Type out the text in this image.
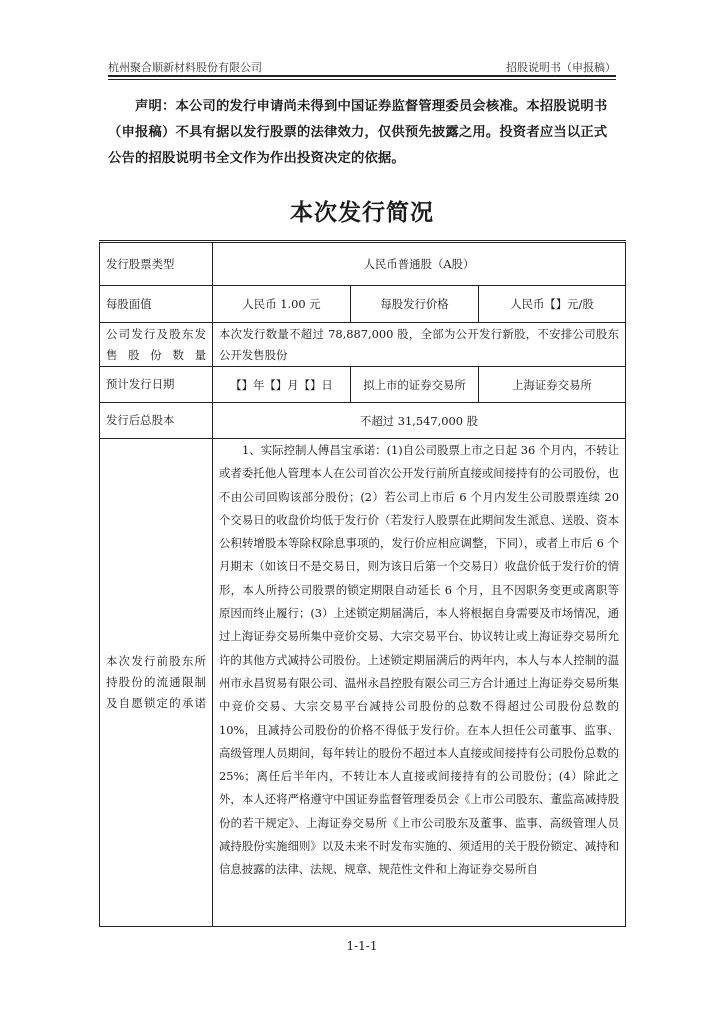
杭州聚合顺新材料股份有限公司	招股说明书（申报稿）
声明：本公司的发行申请尚未得到中国证券监督管理委员会核准。本招股说明书（申报稿）不具有据以发行股票的法律效力，仅供预先披露之用。投资者应当以正式公告的招股说明书全文作为作出投资决定的依据。
本次发行简况
发行股票类型	人民币普通股（A股）		
每股面值	人民币 1.00 元	每股发行价格	人民币【】元/股

公司发行及股东发售股份数量	本次发行数量不超过 78,887,000 股，全部为公开发行新股，不安排公司股东公开发售股份		
预计发行日期	【】年【】月【】日	拟上市的证券交易所	上海证券交易所
发行后总股本	不超过 31,547,000 股		

本次发行前股东所持股份的流通限制及自愿锁定的承诺	1、实际控制人傅昌宝承诺：(1)自公司股票上市之日起 36 个月内，不转让或者委托他人管理本人在公司首次公开发行前所直接或间接持有的公司股份，也不由公司回购该部分股份；(2）若公司上市后 6 个月内发生公司股票连续 20 个交易日的收盘价均低于发行价（若发行人股票在此期间发生派息、送股、资本公积转增股本等除权除息事项的，发行价应相应调整，下同），或者上市后 6 个月期末（如该日不是交易日，则为该日后第一个交易日）收盘价低于发行价的情形，本人所持公司股票的锁定期限自动延长 6 个月，且不因职务变更或离职等原因而终止履行；(3）上述锁定期届满后，本人将根据自身需要及市场情况，通过上海证券交易所集中竞价交易、大宗交易平台、协议转让或上海证券交易所允许的其他方式减持公司股份。上述锁定期届满后的两年内，本人与本人控制的温州市永昌贸易有限公司、温州永昌控股有限公司三方合计通过上海证券交易所集中竞价交易、大宗交易平台减持公司股份的总数不得超过公司股份总数的 10%，且减持公司股份的价格不得低于发行价。在本人担任公司董事、监事、高级管理人员期间，每年转让的股份不超过本人直接或间接持有公司股份总数的 25%；离任后半年内，不转让本人直接或间接持有的公司股份；(4）除此之外，本人还将严格遵守中国证券监督管理委员会《上市公司股东、董监高减持股份的若干规定》、上海证券交易所《上市公司股东及董事、监事、高级管理人员减持股份实施细则》以及未来不时发布实施的、须适用的关于股份锁定、减持和信息披露的法律、法规、规章、规范性文件和上海证券交易所自		
1-1-1
